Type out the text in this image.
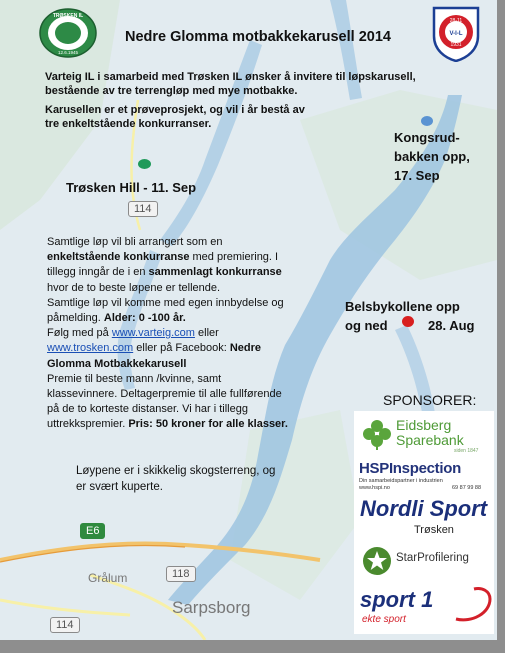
TRØSKEN IL
12.6.1945
28-11
V-I-L
1931
Nedre Glomma motbakkekarusell 2014
Varteig IL i samarbeid med Trøsken IL ønsker å invitere til løpskarusell,
bestående av tre terrengløp med mye motbakke.
Karusellen er et prøveprosjekt, og vil i år bestå av
tre enkeltstående konkurranser.
Trøsken Hill - 11. Sep
Kongsrud-
bakken opp,
17. Sep
Belsbykollene opp
og ned	28. Aug
114
118
114
E6
Grålum
Sarpsborg
Samtlige løp vil bli arrangert som en
enkeltstående konkurranse med premiering. I
tillegg inngår de i en sammenlagt konkurranse
hvor de to beste løpene er tellende.
Samtlige løp vil komme med egen innbydelse og
påmelding. Alder: 0 -100 år.
Følg med på www.varteig.com eller
www.trosken.com eller på Facebook: Nedre
Glomma Motbakkekarusell
Premie til beste mann /kvinne, samt
klassevinnere. Deltagerpremie til alle fullførende
på de to korteste distanser. Vi har i tillegg
uttrekkspremier. Pris: 50 kroner for alle klasser.
Løypene er i skikkelig skogsterreng, og
er svært kuperte.
SPONSORER:
Eidsberg
Sparebank
siden 1847
HSPInspection
Din samarbeidspartner i industrien
www.hspi.no	69 87 99 88
Nordli Sport
Trøsken
StarProfilering
sport 1
ekte sport
